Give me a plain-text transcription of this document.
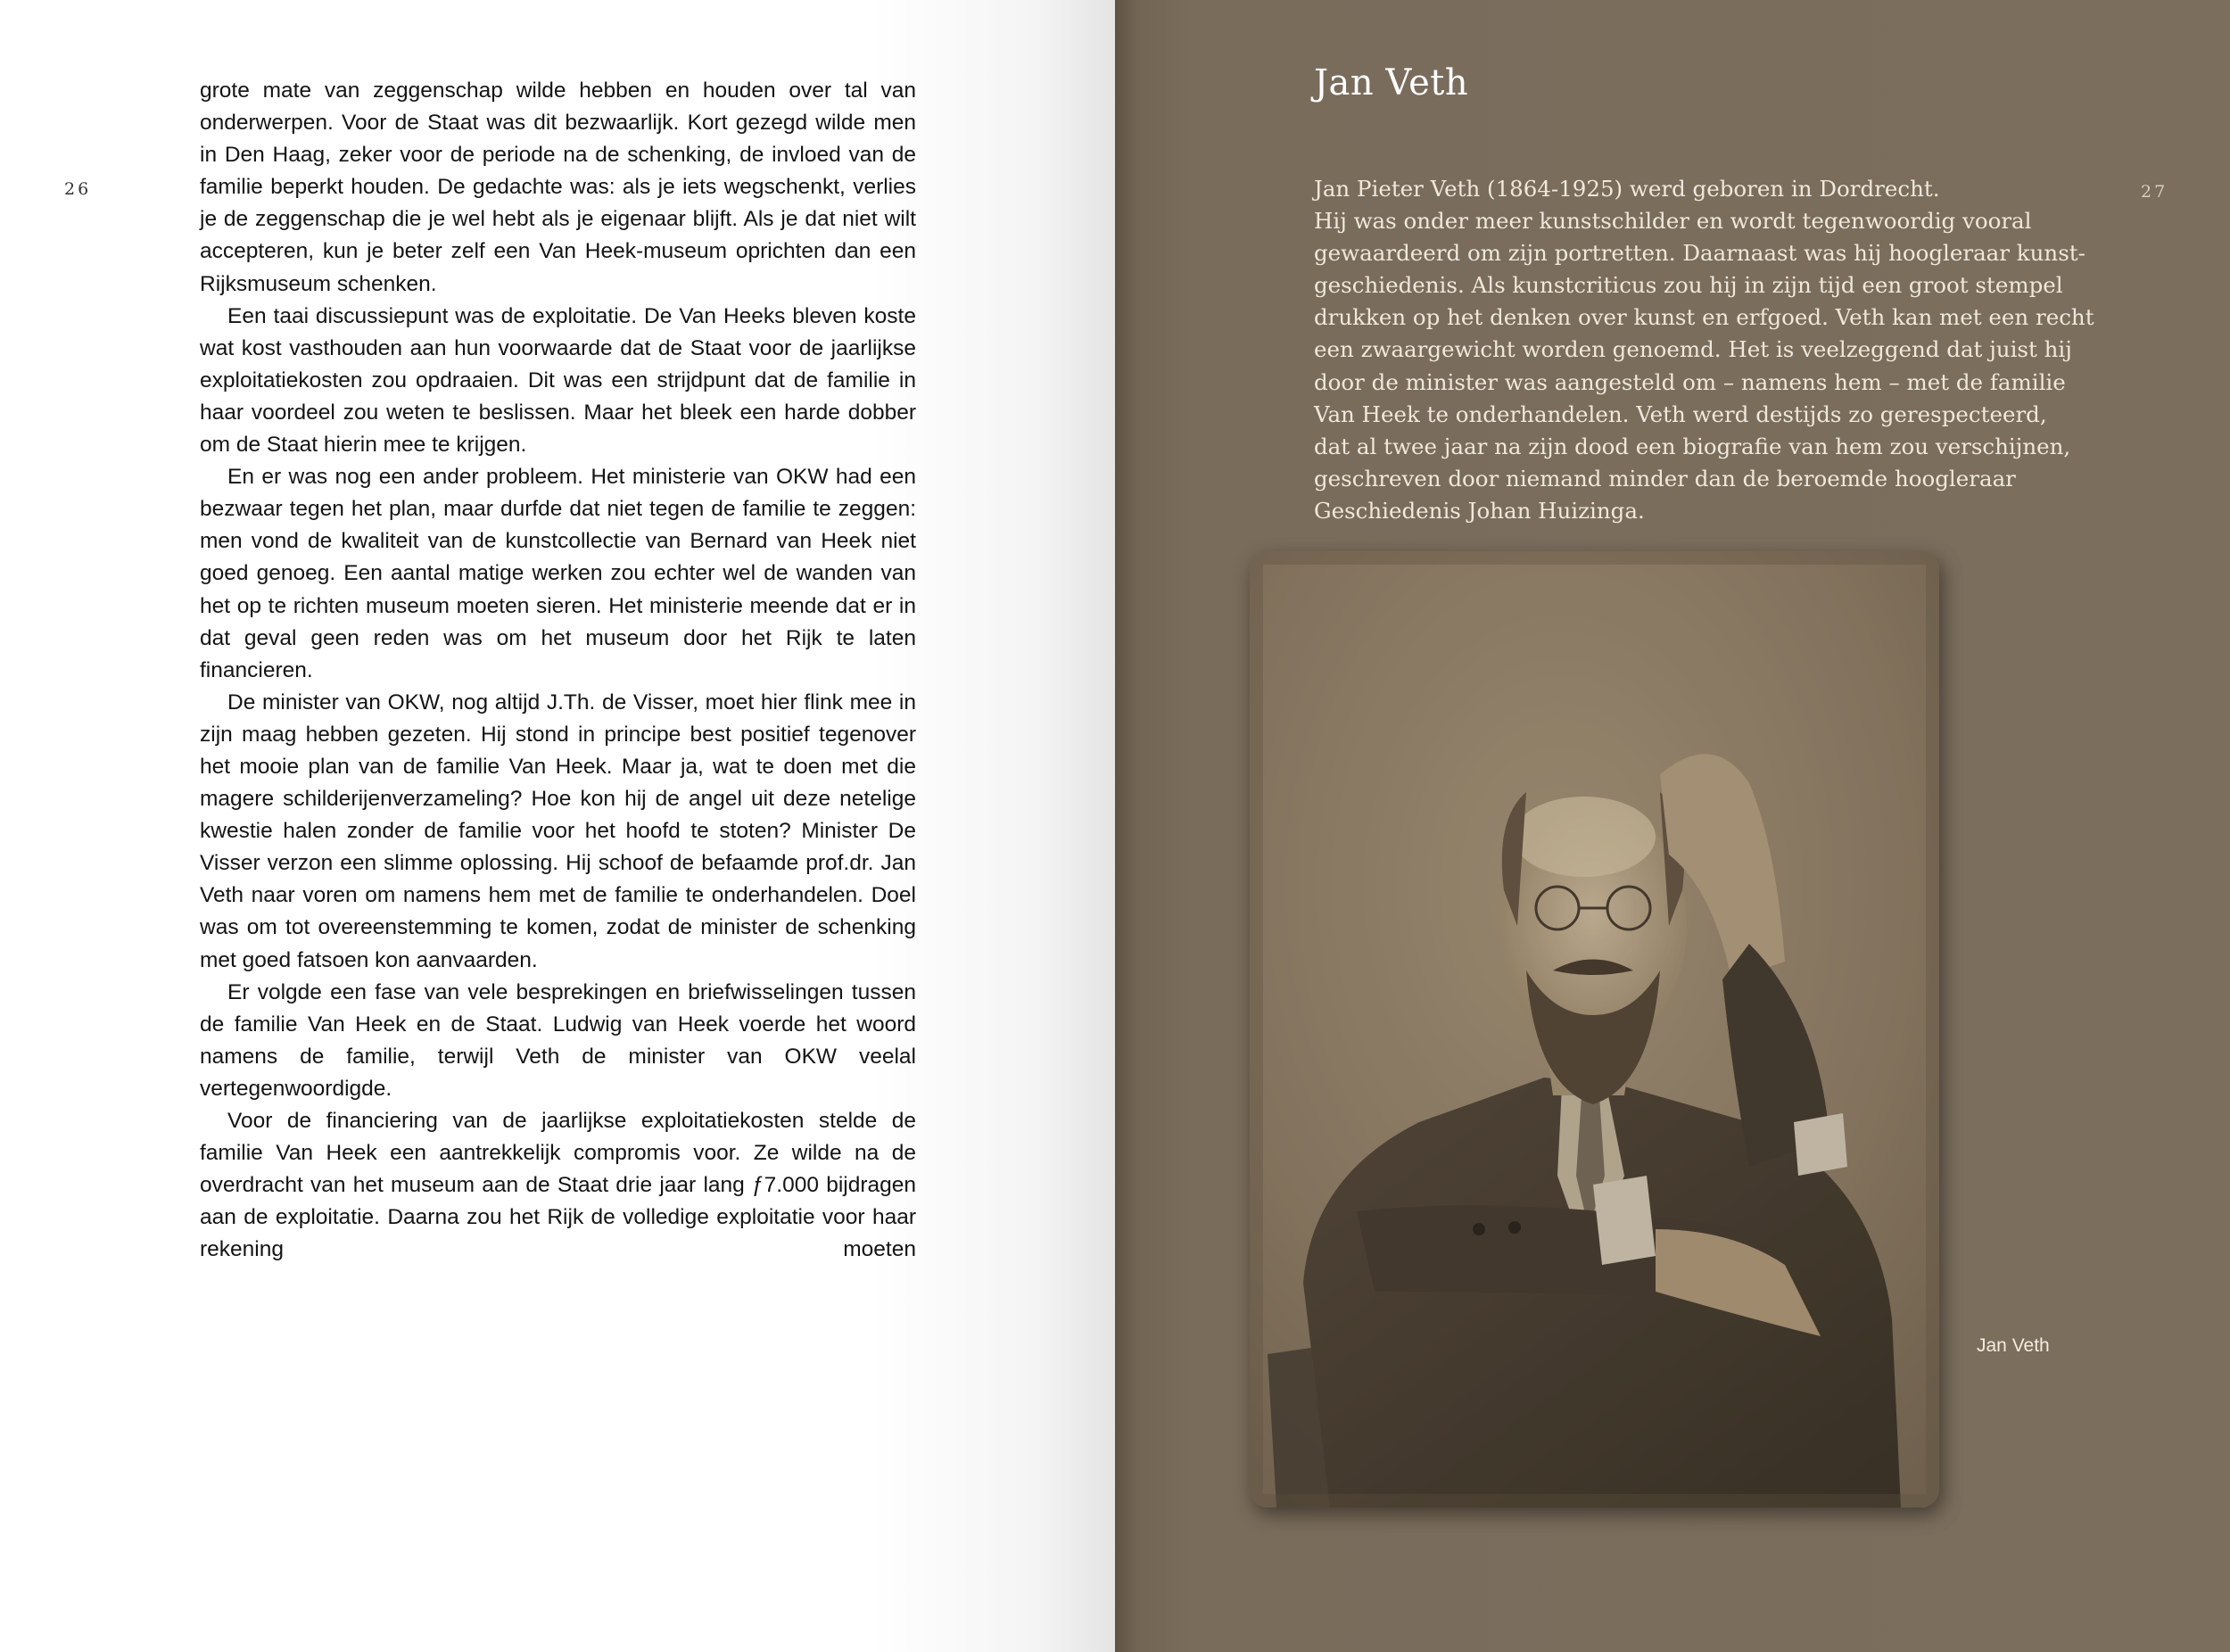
26

grote mate van zeggenschap wilde hebben en houden over tal van onderwerpen. Voor de Staat was dit bezwaarlijk. Kort gezegd wilde men in Den Haag, zeker voor de periode na de schenking, de invloed van de familie beperkt houden. De gedachte was: als je iets wegschenkt, verlies je de zeggenschap die je wel hebt als je eigenaar blijft. Als je dat niet wilt accepteren, kun je beter zelf een Van Heek-museum oprichten dan een Rijksmuseum schenken.

Een taai discussiepunt was de exploitatie. De Van Heeks bleven koste wat kost vasthouden aan hun voorwaarde dat de Staat voor de jaarlijkse exploitatiekosten zou opdraaien. Dit was een strijdpunt dat de familie in haar voordeel zou weten te beslissen. Maar het bleek een harde dobber om de Staat hierin mee te krijgen.

En er was nog een ander probleem. Het ministerie van OKW had een bezwaar tegen het plan, maar durfde dat niet tegen de familie te zeggen: men vond de kwaliteit van de kunstcollectie van Bernard van Heek niet goed genoeg. Een aantal matige werken zou echter wel de wanden van het op te richten museum moeten sieren. Het ministerie meende dat er in dat geval geen reden was om het museum door het Rijk te laten financieren.

De minister van OKW, nog altijd J.Th. de Visser, moet hier flink mee in zijn maag hebben gezeten. Hij stond in principe best positief tegenover het mooie plan van de familie Van Heek. Maar ja, wat te doen met die magere schilderijenverzameling? Hoe kon hij de angel uit deze netelige kwestie halen zonder de familie voor het hoofd te stoten? Minister De Visser verzon een slimme oplossing. Hij schoof de befaamde prof.dr. Jan Veth naar voren om namens hem met de familie te onderhandelen. Doel was om tot overeenstemming te komen, zodat de minister de schenking met goed fatsoen kon aanvaarden.

Er volgde een fase van vele besprekingen en briefwisselingen tussen de familie Van Heek en de Staat. Ludwig van Heek voerde het woord namens de familie, terwijl Veth de minister van OKW veelal vertegenwoordigde.

Voor de financiering van de jaarlijkse exploitatiekosten stelde de familie Van Heek een aantrekkelijk compromis voor. Ze wilde na de overdracht van het museum aan de Staat drie jaar lang ƒ7.000 bijdragen aan de exploitatie. Daarna zou het Rijk de volledige exploitatie voor haar rekening moeten

27
Jan Veth

Jan Pieter Veth (1864-1925) werd geboren in Dordrecht.

Hij was onder meer kunstschilder en wordt tegenwoordig vooral

gewaardeerd om zijn portretten. Daarnaast was hij hoogleraar kunst-

geschiedenis. Als kunstcriticus zou hij in zijn tijd een groot stempel

drukken op het denken over kunst en erfgoed. Veth kan met een recht

een zwaargewicht worden genoemd. Het is veelzeggend dat juist hij

door de minister was aangesteld om – namens hem – met de familie

Van Heek te onderhandelen. Veth werd destijds zo gerespecteerd,

dat al twee jaar na zijn dood een biografie van hem zou verschijnen,

geschreven door niemand minder dan de beroemde hoogleraar

Geschiedenis Johan Huizinga.

Jan Veth
